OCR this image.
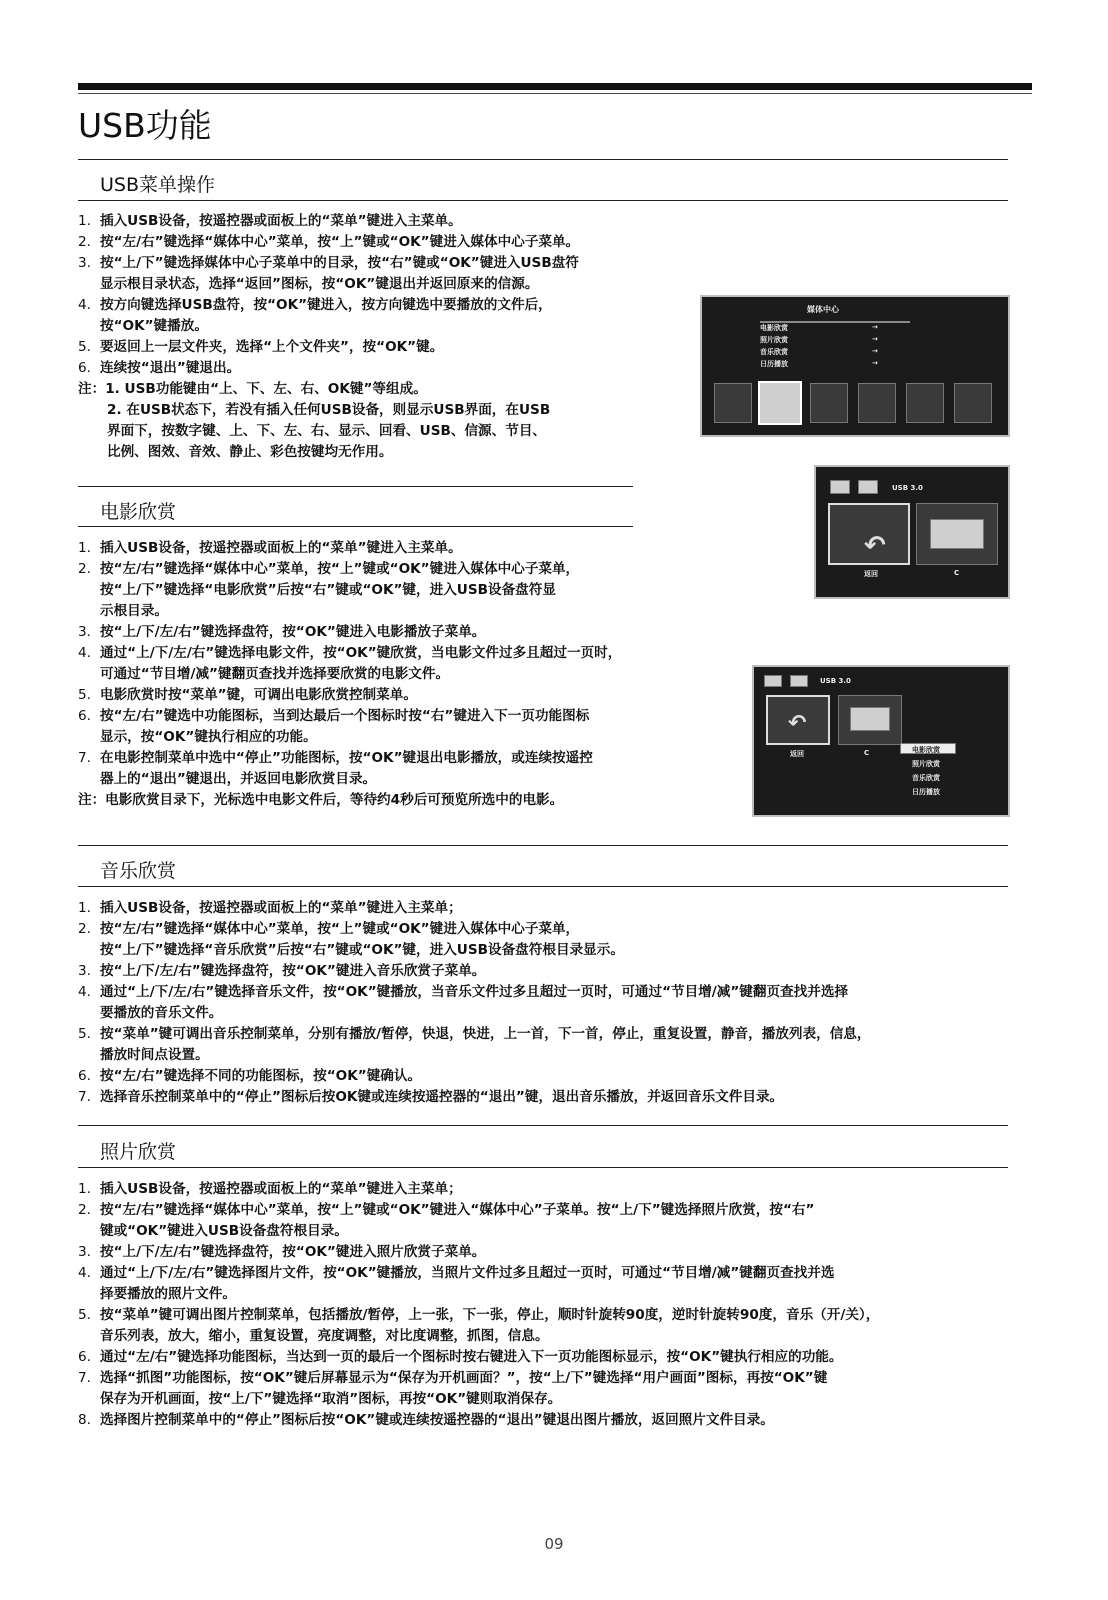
USB功能
USB菜单操作
1. 插入USB设备，按遥控器或面板上的“菜单”键进入主菜单。
2. 按“左/右”键选择“媒体中心”菜单，按“上”键或“OK”键进入媒体中心子菜单。
3. 按“上/下”键选择媒体中心子菜单中的目录，按“右”键或“OK”键进入USB盘符
显示根目录状态，选择“返回”图标，按“OK”键退出并返回原来的信源。
4. 按方向键选择USB盘符，按“OK”键进入，按方向键选中要播放的文件后，
按“OK”键播放。
5. 要返回上一层文件夹，选择“上个文件夹”，按“OK”键。
6. 连续按“退出”键退出。
注：1. USB功能键由“上、下、左、右、OK键”等组成。
2. 在USB状态下，若没有插入任何USB设备，则显示USB界面，在USB
界面下，按数字键、上、下、左、右、显示、回看、USB、信源、节目、
比例、图效、音效、静止、彩色按键均无作用。
电影欣赏
1. 插入USB设备，按遥控器或面板上的“菜单”键进入主菜单。
2. 按“左/右”键选择“媒体中心”菜单，按“上”键或“OK”键进入媒体中心子菜单，
按“上/下”键选择“电影欣赏”后按“右”键或“OK”键，进入USB设备盘符显
示根目录。
3. 按“上/下/左/右”键选择盘符，按“OK”键进入电影播放子菜单。
4. 通过“上/下/左/右”键选择电影文件，按“OK”键欣赏，当电影文件过多且超过一页时，
可通过“节目增/减”键翻页查找并选择要欣赏的电影文件。
5. 电影欣赏时按“菜单”键，可调出电影欣赏控制菜单。
6. 按“左/右”键选中功能图标，当到达最后一个图标时按“右”键进入下一页功能图标
显示，按“OK”键执行相应的功能。
7. 在电影控制菜单中选中“停止”功能图标，按“OK”键退出电影播放，或连续按遥控
器上的“退出”键退出，并返回电影欣赏目录。
注：电影欣赏目录下，光标选中电影文件后，等待约4秒后可预览所选中的电影。
音乐欣赏
1. 插入USB设备，按遥控器或面板上的“菜单”键进入主菜单；
2. 按“左/右”键选择“媒体中心”菜单，按“上”键或“OK”键进入媒体中心子菜单，
按“上/下”键选择“音乐欣赏”后按“右”键或“OK”键，进入USB设备盘符根目录显示。
3. 按“上/下/左/右”键选择盘符，按“OK”键进入音乐欣赏子菜单。
4. 通过“上/下/左/右”键选择音乐文件，按“OK”键播放，当音乐文件过多且超过一页时，可通过“节目增/减”键翻页查找并选择
要播放的音乐文件。
5. 按“菜单”键可调出音乐控制菜单，分别有播放/暂停，快退，快进，上一首，下一首，停止，重复设置，静音，播放列表，信息，
播放时间点设置。
6. 按“左/右”键选择不同的功能图标，按“OK”键确认。
7. 选择音乐控制菜单中的“停止”图标后按OK键或连续按遥控器的“退出”键，退出音乐播放，并返回音乐文件目录。
照片欣赏
1. 插入USB设备，按遥控器或面板上的“菜单”键进入主菜单；
2. 按“左/右”键选择“媒体中心”菜单，按“上”键或“OK”键进入“媒体中心”子菜单。按“上/下”键选择照片欣赏，按“右”
键或“OK”键进入USB设备盘符根目录。
3. 按“上/下/左/右”键选择盘符，按“OK”键进入照片欣赏子菜单。
4. 通过“上/下/左/右”键选择图片文件，按“OK”键播放，当照片文件过多且超过一页时，可通过“节目增/减”键翻页查找并选
择要播放的照片文件。
5. 按“菜单”键可调出图片控制菜单，包括播放/暂停，上一张，下一张，停止，顺时针旋转90度，逆时针旋转90度，音乐（开/关），
音乐列表，放大，缩小，重复设置，亮度调整，对比度调整，抓图，信息。
6. 通过“左/右”键选择功能图标，当达到一页的最后一个图标时按右键进入下一页功能图标显示，按“OK”键执行相应的功能。
7. 选择“抓图”功能图标，按“OK”键后屏幕显示为“保存为开机画面？”，按“上/下”键选择“用户画面”图标，再按“OK”键
保存为开机画面，按“上/下”键选择“取消”图标，再按“OK”键则取消保存。
8. 选择图片控制菜单中的“停止”图标后按“OK”键或连续按遥控器的“退出”键退出图片播放，返回照片文件目录。
媒体中心
电影欣赏
照片欣赏
音乐欣赏
日历播放
→
→
→
→
USB 3.0
↶
返回	C
USB 3.0
↶
返回	C	电影欣赏
照片欣赏
音乐欣赏
日历播放
09
